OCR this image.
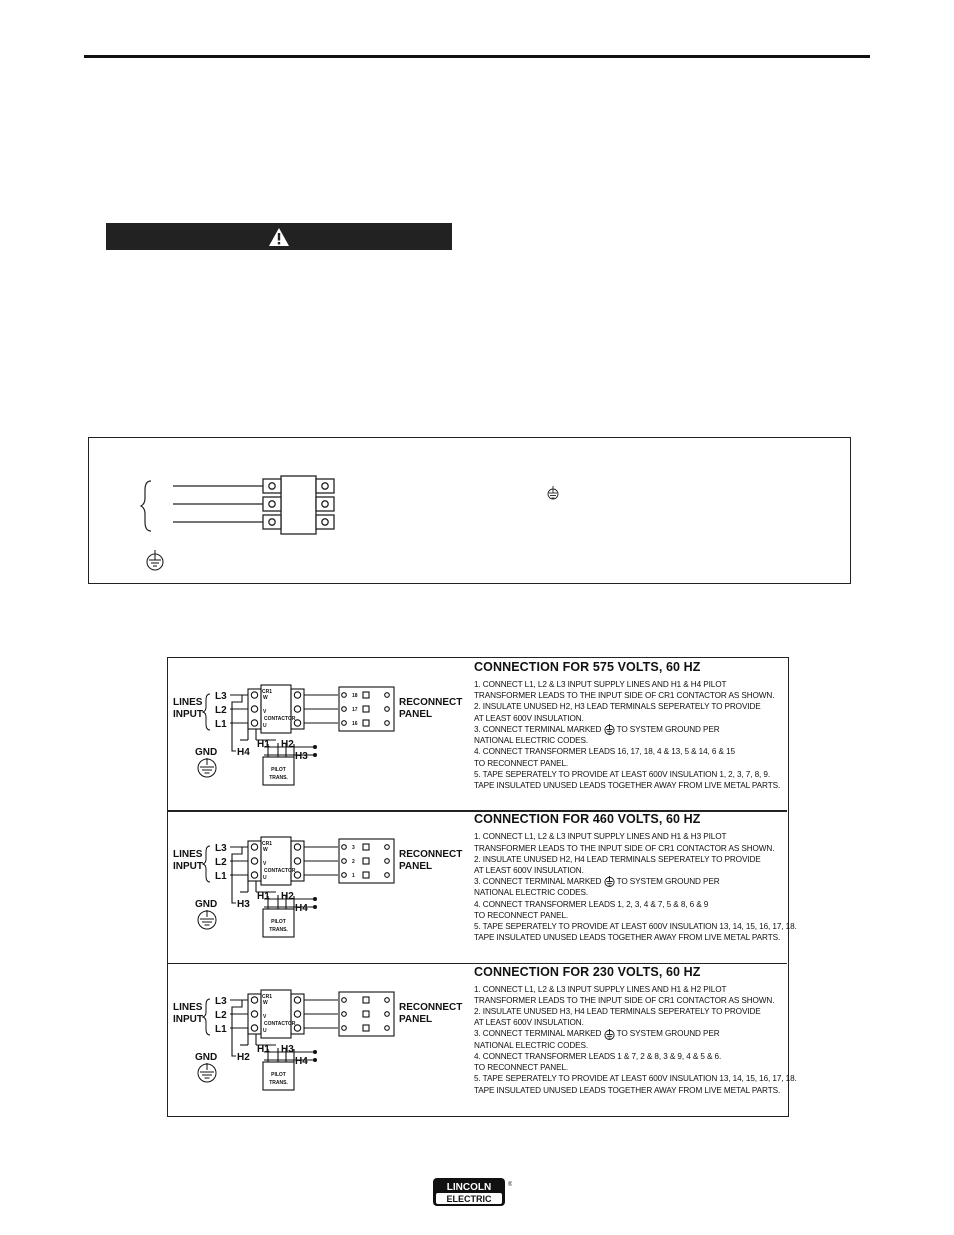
LINES
INPUT
L3
L2
L1
CR1
W
V
U
CONTACTOR
18
17
16
H1 H2
H4	H3
PILOT
TRANS.
RECONNECT
PANEL
GND
CONNECTION FOR 575 VOLTS, 60 HZ

1. CONNECT L1, L2 & L3 INPUT SUPPLY LINES AND H1 & H4 PILOT

TRANSFORMER LEADS TO THE INPUT SIDE OF CR1 CONTACTOR AS SHOWN.

2. INSULATE UNUSED H2, H3 LEAD TERMINALS SEPERATELY TO PROVIDE

AT LEAST 600V INSULATION.

3. CONNECT TERMINAL MARKED TO SYSTEM GROUND PER

NATIONAL ELECTRIC CODES.

4. CONNECT TRANSFORMER LEADS 16, 17, 18, 4 & 13, 5 & 14, 6 & 15

TO RECONNECT PANEL.

5. TAPE SEPERATELY TO PROVIDE AT LEAST 600V INSULATION 1, 2, 3, 7, 8, 9.

TAPE INSULATED UNUSED LEADS TOGETHER AWAY FROM LIVE METAL PARTS.

LINES
INPUT
L3
L2
L1
CR1
W
V
U
CONTACTOR
3
2
1
H1 H2
H3	H4
PILOT
TRANS.
RECONNECT
PANEL
GND
CONNECTION FOR 460 VOLTS, 60 HZ

1. CONNECT L1, L2 & L3 INPUT SUPPLY LINES AND H1 & H3 PILOT

TRANSFORMER LEADS TO THE INPUT SIDE OF CR1 CONTACTOR AS SHOWN.

2. INSULATE UNUSED H2, H4 LEAD TERMINALS SEPERATELY TO PROVIDE

AT LEAST 600V INSULATION.

3. CONNECT TERMINAL MARKED TO SYSTEM GROUND PER

NATIONAL ELECTRIC CODES.

4. CONNECT TRANSFORMER LEADS 1, 2, 3, 4 & 7, 5 & 8, 6 & 9

TO RECONNECT PANEL.

5. TAPE SEPERATELY TO PROVIDE AT LEAST 600V INSULATION 13, 14, 15, 16, 17, 18.

TAPE INSULATED UNUSED LEADS TOGETHER AWAY FROM LIVE METAL PARTS.

LINES
INPUT
L3
L2
L1
CR1
W
V
U
CONTACTOR
H1 H3
H2	H4
PILOT
TRANS.
RECONNECT
PANEL
GND
CONNECTION FOR 230 VOLTS, 60 HZ

1. CONNECT L1, L2 & L3 INPUT SUPPLY LINES AND H1 & H2 PILOT

TRANSFORMER LEADS TO THE INPUT SIDE OF CR1 CONTACTOR AS SHOWN.

2. INSULATE UNUSED H3, H4 LEAD TERMINALS SEPERATELY TO PROVIDE

AT LEAST 600V INSULATION.

3. CONNECT TERMINAL MARKED TO SYSTEM GROUND PER

NATIONAL ELECTRIC CODES.

4. CONNECT TRANSFORMER LEADS 1 & 7, 2 & 8, 3 & 9, 4 & 5 & 6.

TO RECONNECT PANEL.

5. TAPE SEPERATELY TO PROVIDE AT LEAST 600V INSULATION 13, 14, 15, 16, 17, 18.

TAPE INSULATED UNUSED LEADS TOGETHER AWAY FROM LIVE METAL PARTS.

LINCOLN
ELECTRIC
®
